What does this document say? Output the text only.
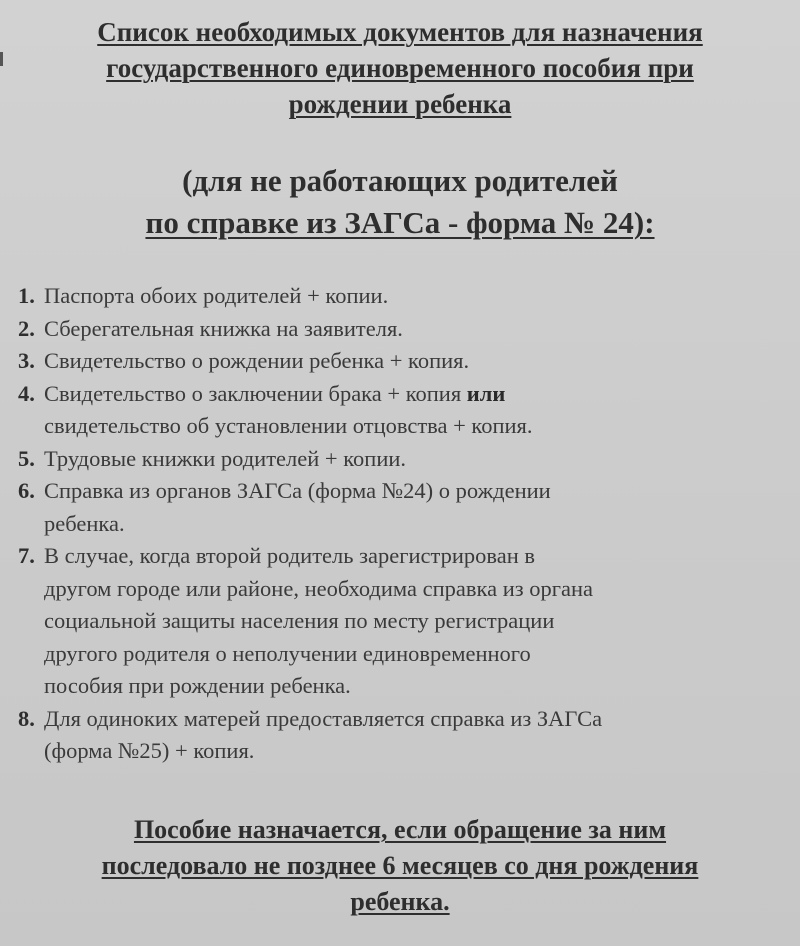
Список необходимых документов для назначения
государственного единовременного пособия при
рождении ребенка
(для не работающих родителей
по справке из ЗАГСа - форма № 24):
1. Паспорта обоих родителей + копии.
2. Сберегательная книжка на заявителя.
3. Свидетельство о рождении ребенка + копия.
4. Свидетельство о заключении брака + копия или
свидетельство об установлении отцовства + копия.
5. Трудовые книжки родителей + копии.
6. Справка из органов ЗАГСа (форма №24) о рождении
ребенка.
7. В случае, когда второй родитель зарегистрирован в
другом городе или районе, необходима справка из органа
социальной защиты населения по месту регистрации
другого родителя о неполучении единовременного
пособия при рождении ребенка.
8. Для одиноких матерей предоставляется справка из ЗАГСа
(форма №25) + копия.
Пособие назначается, если обращение за ним
последовало не позднее 6 месяцев со дня рождения
ребенка.
